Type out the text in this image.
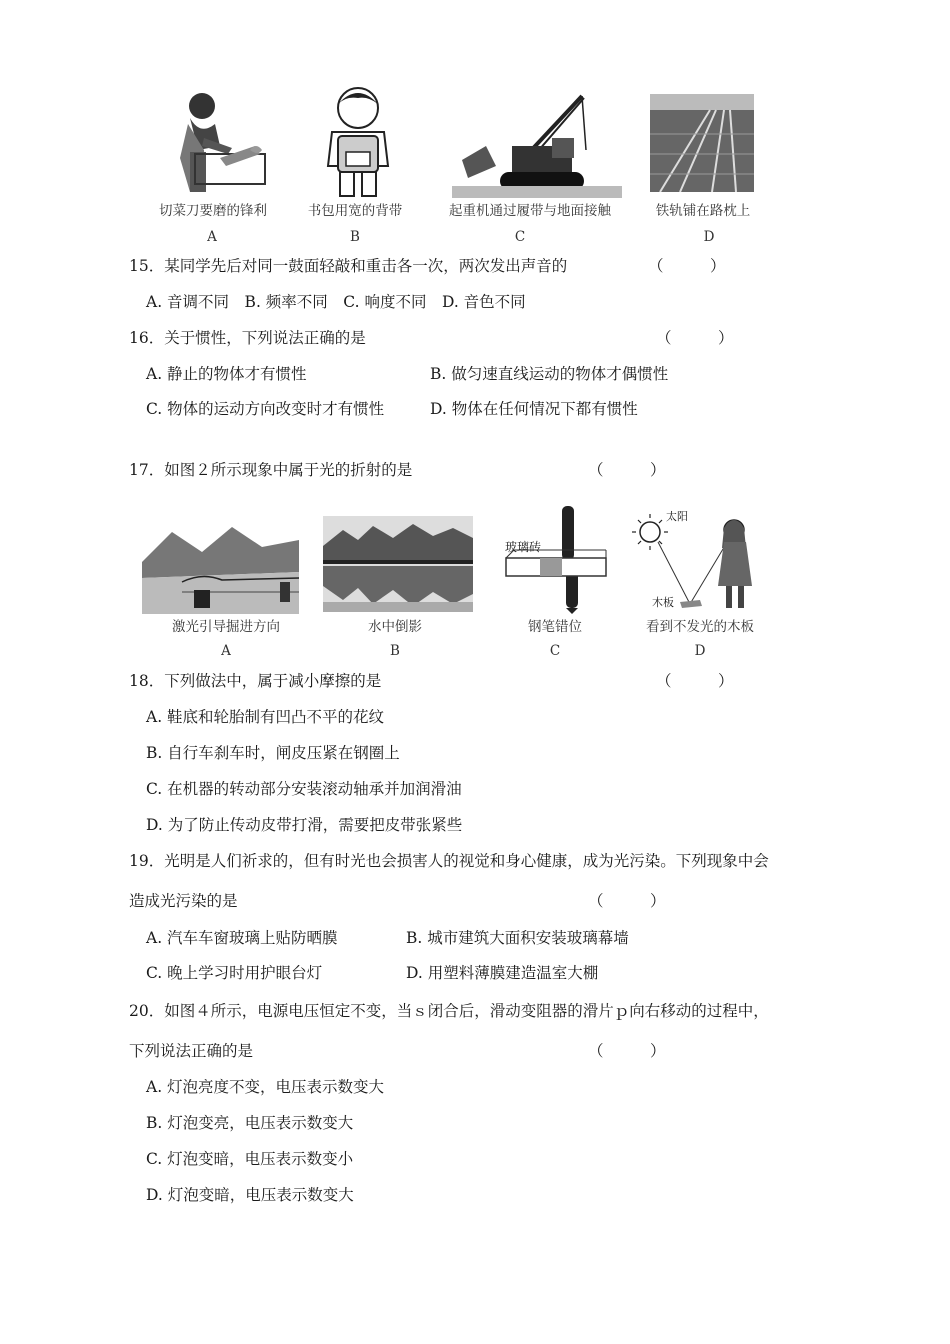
切菜刀要磨的锋利	书包用宽的背带	起重机通过履带与地面接触	铁轨铺在路枕上
A	B	C	D
15．某同学先后对同一鼓面轻敲和重击各一次，两次发出声音的	（　　　）
A. 音调不同　B. 频率不同　C. 响度不同　D. 音色不同
16．关于惯性，下列说法正确的是	（　　　）
A. 静止的物体才有惯性	B. 做匀速直线运动的物体才偶惯性
C. 物体的运动方向改变时才有惯性	D. 物体在任何情况下都有惯性
17．如图２所示现象中属于光的折射的是	（　　　）
玻璃砖
太阳
木板
激光引导掘进方向	水中倒影	钢笔错位	看到不发光的木板
A	B	C	D
18．下列做法中，属于减小摩擦的是	（　　　）
A. 鞋底和轮胎制有凹凸不平的花纹
B. 自行车刹车时，闸皮压紧在钢圈上
C. 在机器的转动部分安装滚动轴承并加润滑油
D. 为了防止传动皮带打滑，需要把皮带张紧些
19．光明是人们祈求的，但有时光也会损害人的视觉和身心健康，成为光污染。下列现象中会
造成光污染的是	（　　　）
A. 汽车车窗玻璃上贴防晒膜	B. 城市建筑大面积安装玻璃幕墙
C. 晚上学习时用护眼台灯	D. 用塑料薄膜建造温室大棚
20．如图４所示，电源电压恒定不变，当ｓ闭合后，滑动变阻器的滑片ｐ向右移动的过程中，
下列说法正确的是	（　　　）
A. 灯泡亮度不变，电压表示数变大
B. 灯泡变亮，电压表示数变大
C. 灯泡变暗，电压表示数变小
D. 灯泡变暗，电压表示数变大
